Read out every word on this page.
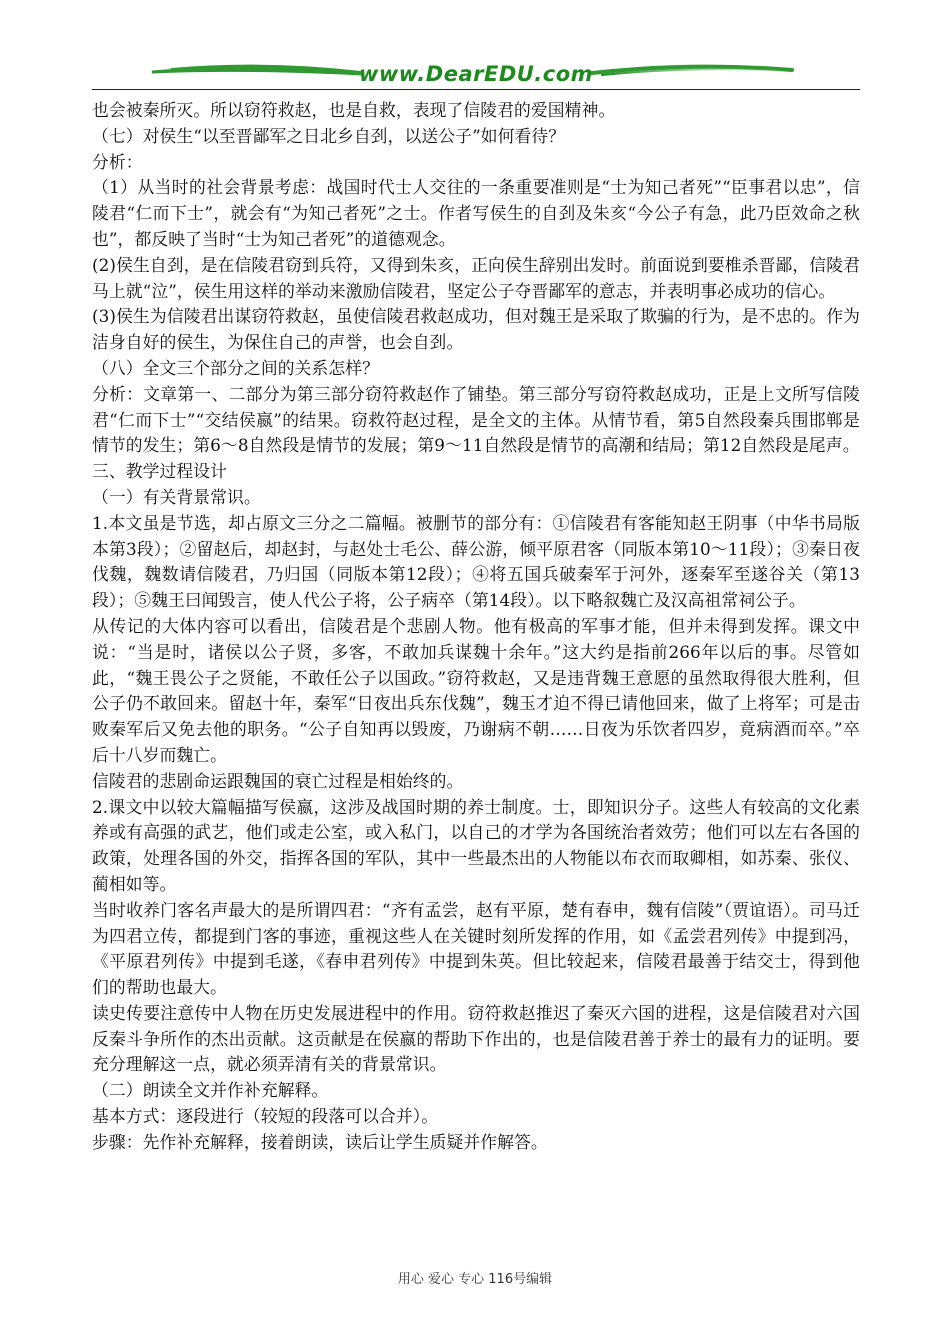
www.DearEDU.com

也会被秦所灭。所以窃符救赵，也是自救，表现了信陵君的爱国精神。

（七）对侯生“以至晋鄙军之日北乡自刭，以送公子”如何看待？

分析：

（1）从当时的社会背景考虑：战国时代士人交往的一条重要准则是“士为知己者死”“臣事君以忠”，信陵君“仁而下士”，就会有“为知己者死”之士。作者写侯生的自刭及朱亥“今公子有急，此乃臣效命之秋也”，都反映了当时“士为知己者死”的道德观念。

(2)侯生自刭，是在信陵君窃到兵符，又得到朱亥，正向侯生辞别出发时。前面说到要椎杀晋鄙，信陵君马上就“泣”，侯生用这样的举动来激励信陵君，坚定公子夺晋鄙军的意志，并表明事必成功的信心。

(3)侯生为信陵君出谋窃符救赵，虽使信陵君救赵成功，但对魏王是采取了欺骗的行为，是不忠的。作为洁身自好的侯生，为保住自己的声誉，也会自刭。

（八）全文三个部分之间的关系怎样？

分析：文章第一、二部分为第三部分窃符救赵作了铺垫。第三部分写窃符救赵成功，正是上文所写信陵君“仁而下士”“交结侯嬴”的结果。窃救符赵过程，是全文的主体。从情节看，第5自然段秦兵围邯郸是情节的发生；第6～8自然段是情节的发展；第9～11自然段是情节的高潮和结局；第12自然段是尾声。

三、教学过程设计

（一）有关背景常识。

1.本文虽是节选，却占原文三分之二篇幅。被删节的部分有：①信陵君有客能知赵王阴事（中华书局版本第3段）；②留赵后，却赵封，与赵处士毛公、薛公游，倾平原君客（同版本第10～11段）；③秦日夜伐魏，魏数请信陵君，乃归国（同版本第12段）；④将五国兵破秦军于河外，逐秦军至遂谷关（第13段）；⑤魏王曰闻毁言，使人代公子将，公子病卒（第14段）。以下略叙魏亡及汉高祖常祠公子。

从传记的大体内容可以看出，信陵君是个悲剧人物。他有极高的军事才能，但并未得到发挥。课文中说：“当是时，诸侯以公子贤，多客，不敢加兵谋魏十余年。”这大约是指前266年以后的事。尽管如此，“魏王畏公子之贤能，不敢任公子以国政。”窃符救赵，又是违背魏王意愿的虽然取得很大胜利，但公子仍不敢回来。留赵十年，秦军“日夜出兵东伐魏”，魏玉才迫不得已请他回来，做了上将军；可是击败秦军后又免去他的职务。“公子自知再以毁废，乃谢病不朝……日夜为乐饮者四岁，竟病酒而卒。”卒后十八岁而魏亡。

信陵君的悲剧命运跟魏国的衰亡过程是相始终的。

2.课文中以较大篇幅描写侯嬴，这涉及战国时期的养士制度。士，即知识分子。这些人有较高的文化素养或有高强的武艺，他们或走公室，或入私门，以自己的才学为各国统治者效劳；他们可以左右各国的政策，处理各国的外交，指挥各国的军队，其中一些最杰出的人物能以布衣而取卿相，如苏秦、张仪、蔺相如等。

当时收养门客名声最大的是所谓四君：“齐有孟尝，赵有平原，楚有春申，魏有信陵”（贾谊语）。司马迁为四君立传，都提到门客的事迹，重视这些人在关键时刻所发挥的作用，如《孟尝君列传》中提到冯，《平原君列传》中提到毛遂，《春申君列传》中提到朱英。但比较起来，信陵君最善于结交士，得到他们的帮助也最大。

读史传要注意传中人物在历史发展进程中的作用。窃符救赵推迟了秦灭六国的进程，这是信陵君对六国反秦斗争所作的杰出贡献。这贡献是在侯嬴的帮助下作出的，也是信陵君善于养士的最有力的证明。要充分理解这一点，就必须弄清有关的背景常识。

（二）朗读全文并作补充解释。

基本方式：逐段进行（较短的段落可以合并）。

步骤：先作补充解释，接着朗读，读后让学生质疑并作解答。

用心 爱心 专心 116号编辑
